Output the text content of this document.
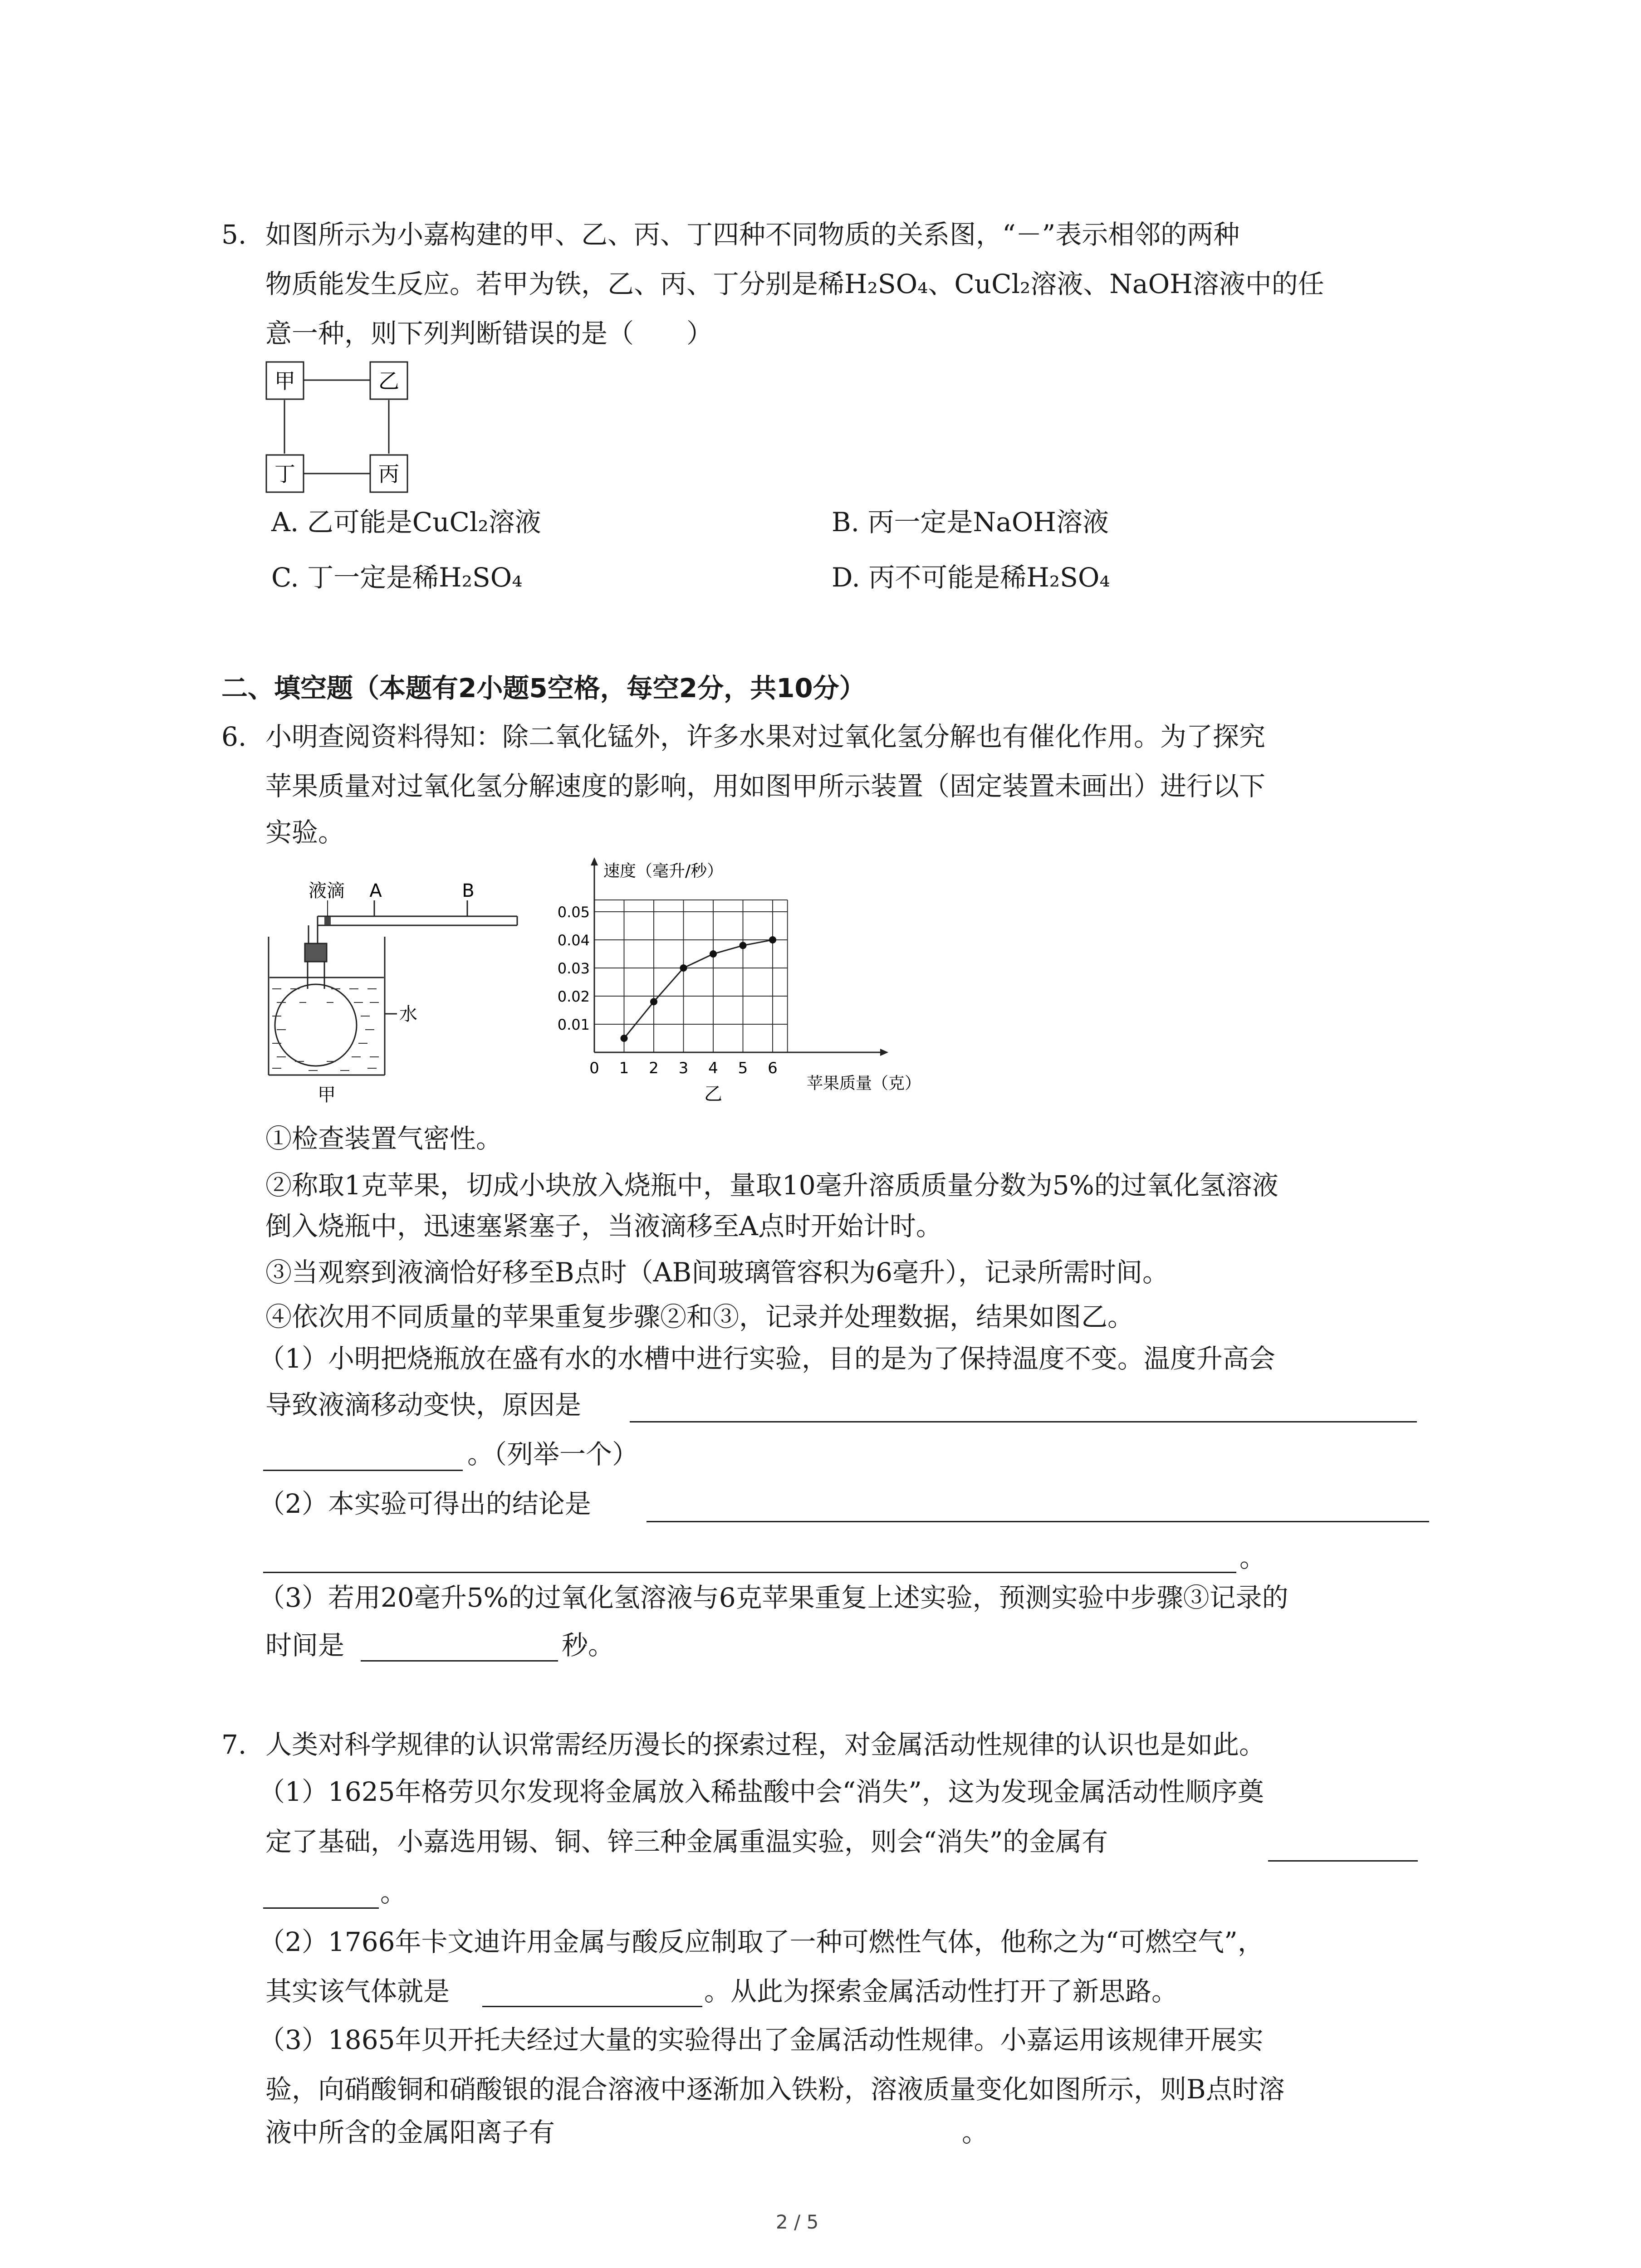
5. 如图所示为小嘉构建的甲、乙、丙、丁四种不同物质的关系图，“－”表示相邻的两种
物质能发生反应。若甲为铁，乙、丙、丁分别是稀H₂SO₄、CuCl₂溶液、NaOH溶液中的任
意一种，则下列判断错误的是（　　）
甲	乙
丁	丙
A. 乙可能是CuCl₂溶液	B. 丙一定是NaOH溶液
C. 丁一定是稀H₂SO₄	D. 丙不可能是稀H₂SO₄
二、填空题（本题有2小题5空格，每空2分，共10分）
6. 小明查阅资料得知：除二氧化锰外，许多水果对过氧化氢分解也有催化作用。为了探究
苹果质量对过氧化氢分解速度的影响，用如图甲所示装置（固定装置未画出）进行以下
实验。
液滴 A	B
水
甲
速度（毫升/秒）
苹果质量（克）
0
乙
1 2 3 4 5 6
0.01
0.02
0.03
0.04
0.05
①检查装置气密性。
②称取1克苹果，切成小块放入烧瓶中，量取10毫升溶质质量分数为5%的过氧化氢溶液
倒入烧瓶中，迅速塞紧塞子，当液滴移至A点时开始计时。
③当观察到液滴恰好移至B点时（AB间玻璃管容积为6毫升），记录所需时间。
④依次用不同质量的苹果重复步骤②和③，记录并处理数据，结果如图乙。
（1）小明把烧瓶放在盛有水的水槽中进行实验，目的是为了保持温度不变。温度升高会
导致液滴移动变快，原因是
。（列举一个）
（2）本实验可得出的结论是
。
（3）若用20毫升5%的过氧化氢溶液与6克苹果重复上述实验，预测实验中步骤③记录的
时间是	秒。
7. 人类对科学规律的认识常需经历漫长的探索过程，对金属活动性规律的认识也是如此。
（1）1625年格劳贝尔发现将金属放入稀盐酸中会“消失”，这为发现金属活动性顺序奠
定了基础，小嘉选用锡、铜、锌三种金属重温实验，则会“消失”的金属有
。
（2）1766年卡文迪许用金属与酸反应制取了一种可燃性气体，他称之为“可燃空气”，
其实该气体就是	。从此为探索金属活动性打开了新思路。
（3）1865年贝开托夫经过大量的实验得出了金属活动性规律。小嘉运用该规律开展实
验，向硝酸铜和硝酸银的混合溶液中逐渐加入铁粉，溶液质量变化如图所示，则B点时溶
液中所含的金属阳离子有	。
2 / 5
